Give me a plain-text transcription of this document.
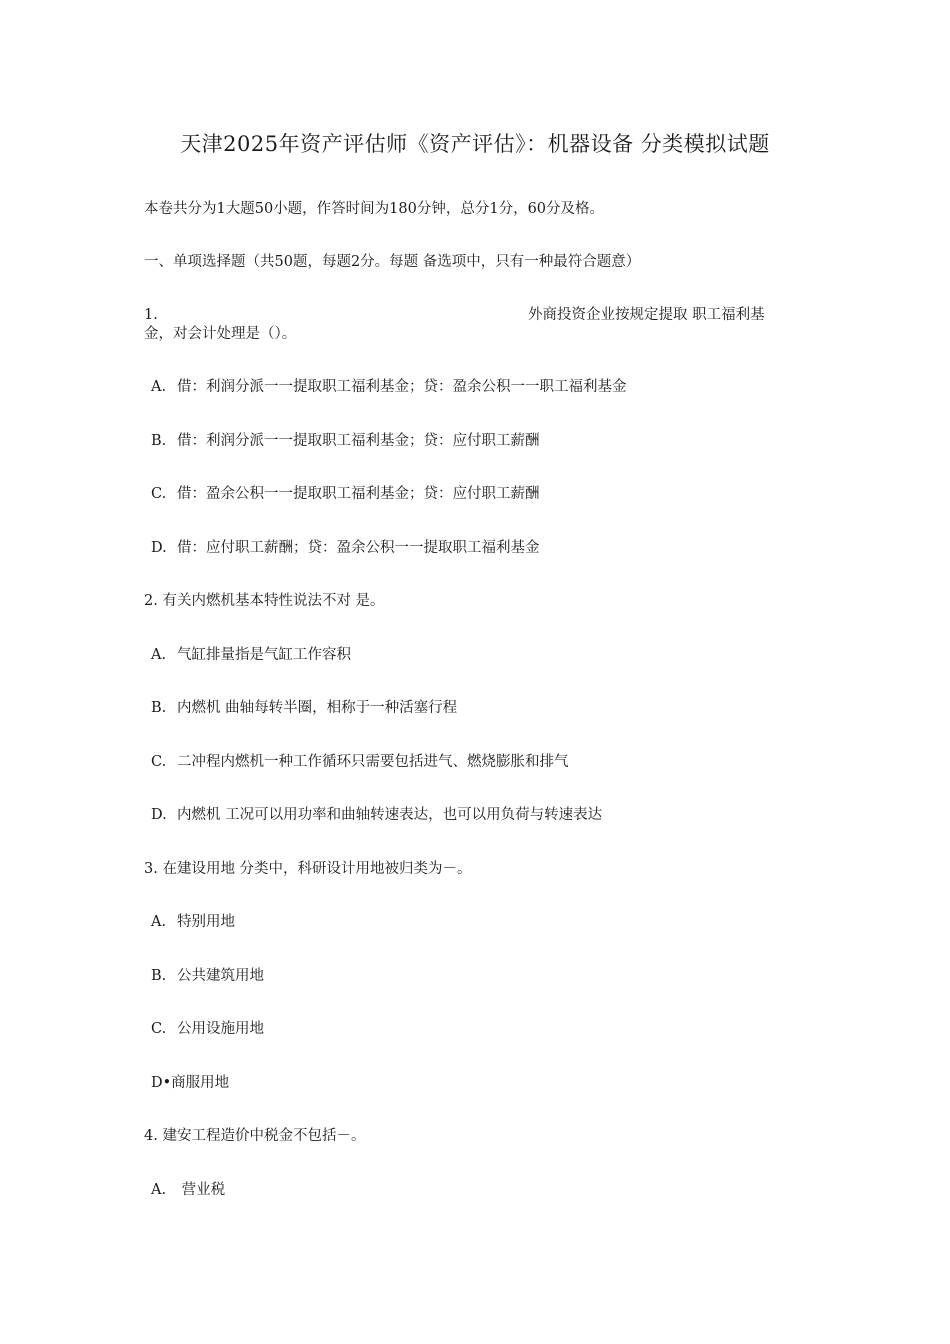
天津2025年资产评估师《资产评估》：机器设备 分类模拟试题
本卷共分为1大题50小题，作答时间为180分钟，总分1分，60分及格。
一、单项选择题（共50题，每题2分。每题 备选项中，只有一种最符合题意）
1.	外商投资企业按规定提取 职工福利基
金，对会计处理是（）。
A. 借：利润分派一一提取职工福利基金；贷：盈余公积一一职工福利基金
B. 借：利润分派一一提取职工福利基金；贷：应付职工薪酬
C. 借：盈余公积一一提取职工福利基金；贷：应付职工薪酬
D. 借：应付职工薪酬；贷：盈余公积一一提取职工福利基金
2. 有关内燃机基本特性说法不对 是。
A. 气缸排量指是气缸工作容积
B. 内燃机 曲轴每转半圈，相称于一种活塞行程
C. 二冲程内燃机一种工作循环只需要包括进气、燃烧膨胀和排气
D. 内燃机 工况可以用功率和曲轴转速表达，也可以用负荷与转速表达
3. 在建设用地 分类中，科研设计用地被归类为－。
A. 特别用地
B. 公共建筑用地
C. 公用设施用地
D•商服用地
4. 建安工程造价中税金不包括－。
A. 营业税
